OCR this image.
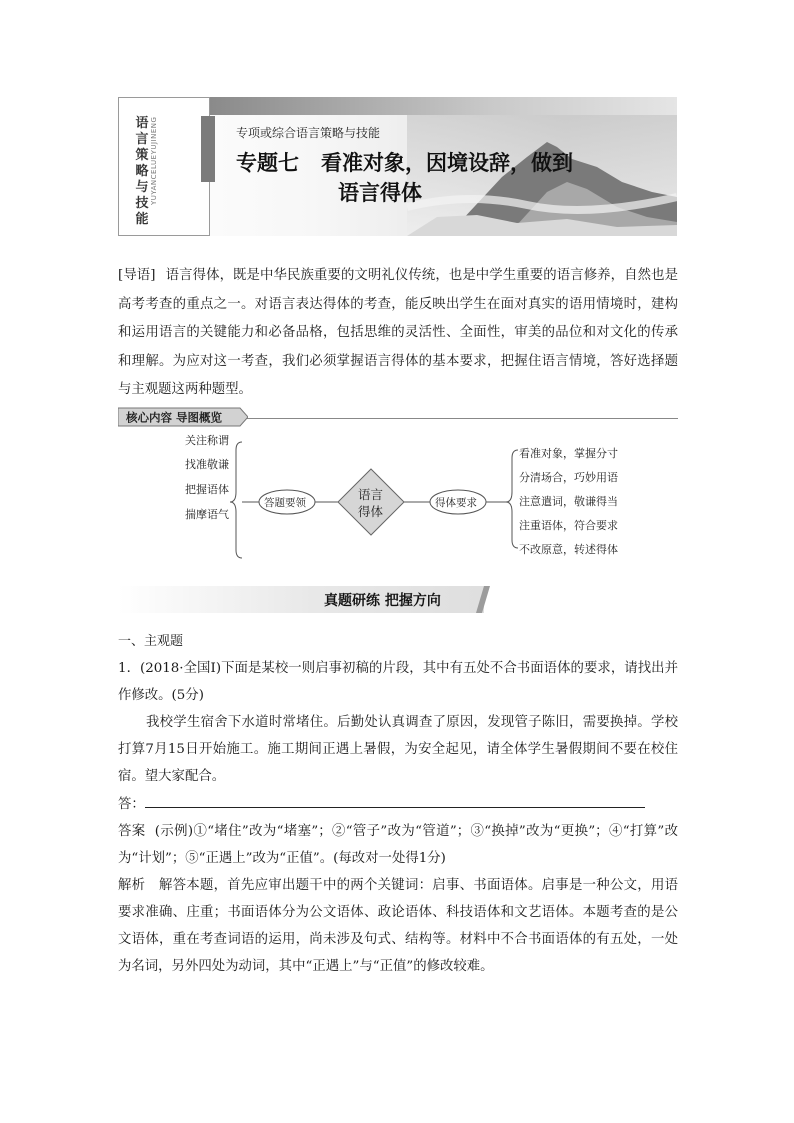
语
言
策
略
与
技
能
YUYANCELUEYUJINENG	专项或综合语言策略与技能
专题七 看准对象，因境设辞，做到
语言得体
[导语] 语言得体，既是中华民族重要的文明礼仪传统，也是中学生重要的语言修养，自然也是高考考查的重点之一。对语言表达得体的考查，能反映出学生在面对真实的语用情境时，建构和运用语言的关键能力和必备品格，包括思维的灵活性、全面性，审美的品位和对文化的传承和理解。为应对这一考查，我们必须掌握语言得体的基本要求，把握住语言情境，答好选择题与主观题这两种题型。
核心内容 导图概览
关注称谓
找准敬谦
把握语体
揣摩语气
答题要领
语言
得体
得体要求
看准对象，掌握分寸
分清场合，巧妙用语
注意遣词，敬谦得当
注重语体，符合要求
不改原意，转述得体
真题研练 把握方向
一、主观题
1．(2018·全国Ⅰ)下面是某校一则启事初稿的片段，其中有五处不合书面语体的要求，请找出并作修改。(5分)
我校学生宿舍下水道时常堵住。后勤处认真调查了原因，发现管子陈旧，需要换掉。学校打算7月15日开始施工。施工期间正遇上暑假，为安全起见，请全体学生暑假期间不要在校住宿。望大家配合。
答：
答案 (示例)①“堵住”改为“堵塞”；②“管子”改为“管道”；③“换掉”改为“更换”；④“打算”改为“计划”；⑤“正遇上”改为“正值”。(每改对一处得1分)
解析 解答本题，首先应审出题干中的两个关键词：启事、书面语体。启事是一种公文，用语要求准确、庄重；书面语体分为公文语体、政论语体、科技语体和文艺语体。本题考查的是公文语体，重在考查词语的运用，尚未涉及句式、结构等。材料中不合书面语体的有五处，一处为名词，另外四处为动词，其中“正遇上”与“正值”的修改较难。
